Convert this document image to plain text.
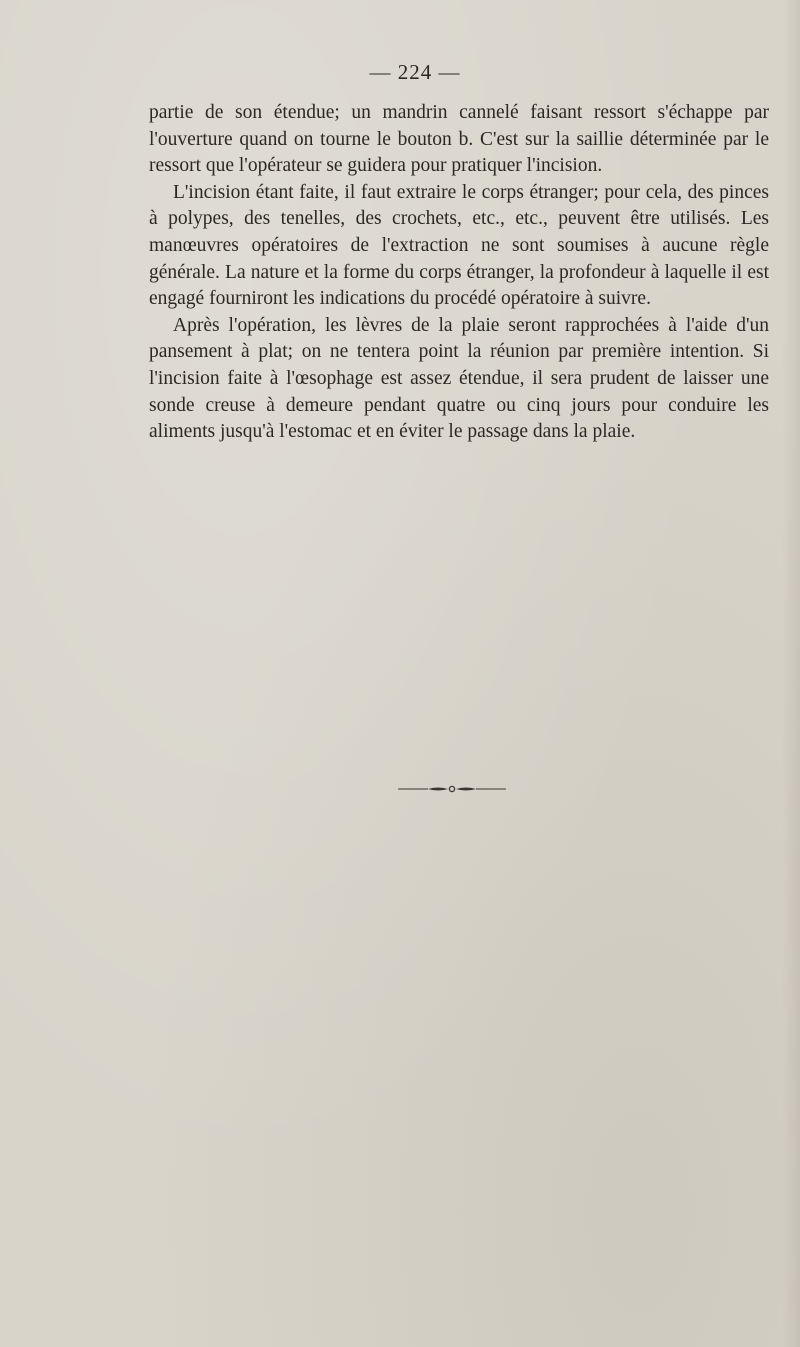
— 224 —

partie de son étendue; un mandrin cannelé faisant ressort s'échappe par l'ouverture quand on tourne le bouton b. C'est sur la saillie déterminée par le ressort que l'opérateur se guidera pour pratiquer l'incision.

L'incision étant faite, il faut extraire le corps étranger; pour cela, des pinces à polypes, des tenelles, des crochets, etc., etc., peuvent être utilisés. Les manœuvres opératoires de l'extraction ne sont soumises à aucune règle générale. La nature et la forme du corps étranger, la profondeur à laquelle il est engagé fourniront les indications du procédé opératoire à suivre.

Après l'opération, les lèvres de la plaie seront rapprochées à l'aide d'un pansement à plat; on ne tentera point la réunion par première intention. Si l'incision faite à l'œsophage est assez étendue, il sera prudent de laisser une sonde creuse à demeure pendant quatre ou cinq jours pour conduire les aliments jusqu'à l'estomac et en éviter le passage dans la plaie.
